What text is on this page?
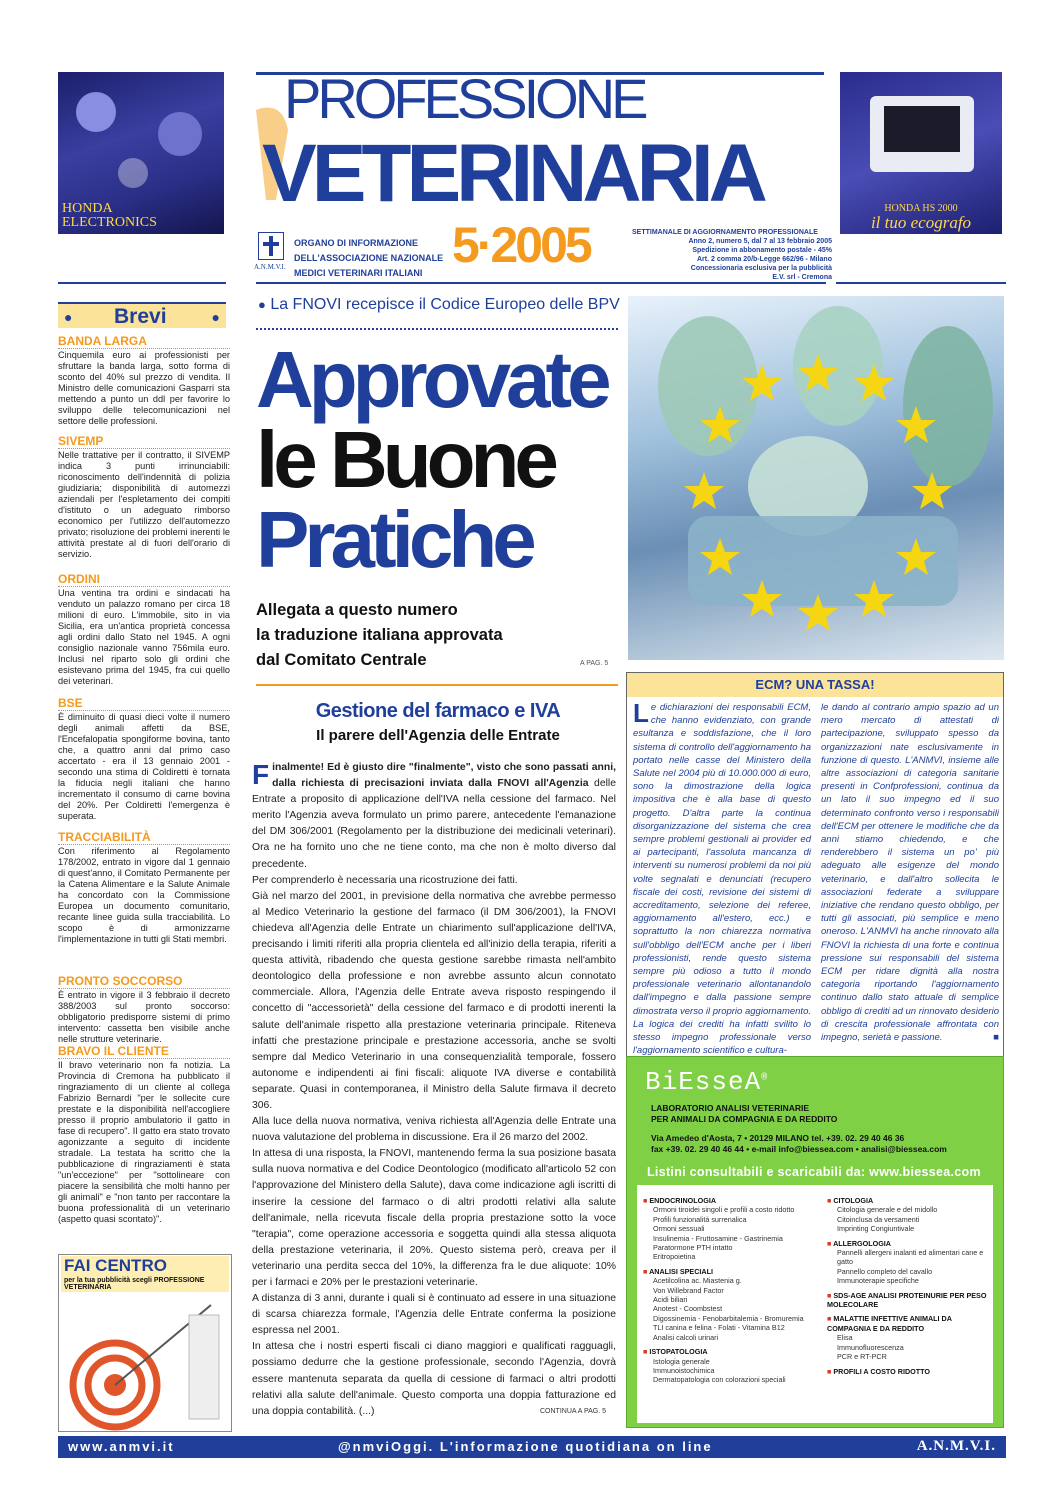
HONDA
ELECTRONICS
HONDA HS 2000
il tuo ecografo
PROFESSIONE
VETERINARIA
5·2005
A.N.M.V.I.
ORGANO DI INFORMAZIONE
DELL'ASSOCIAZIONE NAZIONALE
MEDICI VETERINARI ITALIANI
SETTIMANALE DI AGGIORNAMENTO PROFESSIONALE
Anno 2, numero 5, dal 7 al 13 febbraio 2005
Spedizione in abbonamento postale - 45%
Art. 2 comma 20/b-Legge 662/96 - Milano
Concessionaria esclusiva per la pubblicità
E.V. srl - Cremona
● Brevi	●
BANDA LARGA

Cinquemila euro ai professionisti per sfruttare la banda larga, sotto forma di sconto del 40% sul prezzo di vendita. Il Ministro delle comunicazioni Gasparri sta mettendo a punto un ddl per favorire lo sviluppo delle telecomunicazioni nel settore delle professioni.

SIVEMP

Nelle trattative per il contratto, il SIVEMP indica 3 punti irrinunciabili: riconoscimento dell'indennità di polizia giudiziaria; disponibilità di automezzi aziendali per l'espletamento dei compiti d'istituto o un adeguato rimborso economico per l'utilizzo dell'automezzo privato; risoluzione dei problemi inerenti le attività prestate al di fuori dell'orario di servizio.

ORDINI

Una ventina tra ordini e sindacati ha venduto un palazzo romano per circa 18 milioni di euro. L'immobile, sito in via Sicilia, era un'antica proprietà concessa agli ordini dallo Stato nel 1945. A ogni consiglio nazionale vanno 756mila euro. Inclusi nel riparto solo gli ordini che esistevano prima del 1945, fra cui quello dei veterinari.

BSE

È diminuito di quasi dieci volte il numero degli animali affetti da BSE, l'Encefalopatia spongiforme bovina, tanto che, a quattro anni dal primo caso accertato - era il 13 gennaio 2001 - secondo una stima di Coldiretti è tornata la fiducia negli italiani che hanno incrementato il consumo di carne bovina del 20%. Per Coldiretti l'emergenza è superata.

TRACCIABILITÀ

Con riferimento al Regolamento 178/2002, entrato in vigore dal 1 gennaio di quest'anno, il Comitato Permanente per la Catena Alimentare e la Salute Animale ha concordato con la Commissione Europea un documento comunitario, recante linee guida sulla tracciabilità. Lo scopo è di armonizzarne l'implementazione in tutti gli Stati membri.

PRONTO SOCCORSO

È entrato in vigore il 3 febbraio il decreto 388/2003 sul pronto soccorso: obbligatorio predisporre sistemi di primo intervento: cassetta ben visibile anche nelle strutture veterinarie.

BRAVO IL CLIENTE

Il bravo veterinario non fa notizia. La Provincia di Cremona ha pubblicato il ringraziamento di un cliente al collega Fabrizio Bernardi "per le sollecite cure prestate e la disponibilità nell'accogliere presso il proprio ambulatorio il gatto in fase di recupero". Il gatto era stato trovato agonizzante a seguito di incidente stradale. La testata ha scritto che la pubblicazione di ringraziamenti è stata "un'eccezione" per "sottolineare con piacere la sensibilità che molti hanno per gli animali" e "non tanto per raccontare la buona professionalità di un veterinario (aspetto quasi scontato)".

FAI CENTRO
per la tua pubblicità scegli PROFESSIONE VETERINARIA
● La FNOVI recepisce il Codice Europeo delle BPV
Approvate
le Buone
Pratiche
Allegata a questo numero
la traduzione italiana approvata
dal Comitato Centrale	A PAG. 5
Gestione del farmaco e IVA
Il parere dell'Agenzia delle Entrate

Finalmente! Ed è giusto dire "finalmente", visto che sono passati anni, dalla richiesta di precisazioni inviata dalla FNOVI all'Agenzia delle Entrate a proposito di applicazione dell'IVA nella cessione del farmaco. Nel merito l'Agenzia aveva formulato un primo parere, antecedente l'emanazione del DM 306/2001 (Regolamento per la distribuzione dei medicinali veterinari). Ora ne ha fornito uno che ne tiene conto, ma che non è molto diverso dal precedente.

Per comprenderlo è necessaria una ricostruzione dei fatti.

Già nel marzo del 2001, in previsione della normativa che avrebbe permesso al Medico Veterinario la gestione del farmaco (il DM 306/2001), la FNOVI chiedeva all'Agenzia delle Entrate un chiarimento sull'applicazione dell'IVA, precisando i limiti riferiti alla propria clientela ed all'inizio della terapia, riferiti a questa attività, ribadendo che questa gestione sarebbe rimasta nell'ambito deontologico della professione e non avrebbe assunto alcun connotato commerciale. Allora, l'Agenzia delle Entrate aveva risposto respingendo il concetto di "accessorietà" della cessione del farmaco e di prodotti inerenti la salute dell'animale rispetto alla prestazione veterinaria principale. Riteneva infatti che prestazione principale e prestazione accessoria, anche se svolti sempre dal Medico Veterinario in una consequenzialità temporale, fossero autonome e indipendenti ai fini fiscali: aliquote IVA diverse e contabilità separate. Quasi in contemporanea, il Ministro della Salute firmava il decreto 306.

Alla luce della nuova normativa, veniva richiesta all'Agenzia delle Entrate una nuova valutazione del problema in discussione. Era il 26 marzo del 2002.

In attesa di una risposta, la FNOVI, mantenendo ferma la sua posizione basata sulla nuova normativa e del Codice Deontologico (modificato all'articolo 52 con l'approvazione del Ministero della Salute), dava come indicazione agli iscritti di inserire la cessione del farmaco o di altri prodotti relativi alla salute dell'animale, nella ricevuta fiscale della propria prestazione sotto la voce "terapia", come operazione accessoria e soggetta quindi alla stessa aliquota della prestazione veterinaria, il 20%. Questo sistema però, creava per il veterinario una perdita secca del 10%, la differenza fra le due aliquote: 10% per i farmaci e 20% per le prestazioni veterinarie.

A distanza di 3 anni, durante i quali si è continuato ad essere in una situazione di scarsa chiarezza formale, l'Agenzia delle Entrate conferma la posizione espressa nel 2001.

In attesa che i nostri esperti fiscali ci diano maggiori e qualificati ragguagli, possiamo dedurre che la gestione professionale, secondo l'Agenzia, dovrà essere mantenuta separata da quella di cessione di farmaci o altri prodotti relativi alla salute dell'animale. Questo comporta una doppia fatturazione ed una doppia contabilità. (...)	CONTINUA A PAG. 5
ECM? UNA TASSA!
Le dichiarazioni dei responsabili ECM, che hanno evidenziato, con grande esultanza e soddisfazione, che il loro sistema di controllo dell'aggiornamento ha portato nelle casse del Ministero della Salute nel 2004 più di 10.000.000 di euro, sono la dimostrazione della logica impositiva che è alla base di questo progetto. D'altra parte la continua disorganizzazione del sistema che crea sempre problemi gestionali ai provider ed ai partecipanti, l'assoluta mancanza di interventi su numerosi problemi da noi più volte segnalati e denunciati (recupero fiscale dei costi, revisione dei sistemi di accreditamento, selezione dei referee, aggiornamento all'estero, ecc.) e soprattutto la non chiarezza normativa sull'obbligo dell'ECM anche per i liberi professionisti, rende questo sistema sempre più odioso a tutto il mondo professionale veterinario allontanandolo dall'impegno e dalla passione sempre dimostrata verso il proprio aggiornamento. La logica dei crediti ha infatti svilito lo stesso impegno professionale verso l'aggiornamento scientifico e cultura-
le dando al contrario ampio spazio ad un mero mercato di attestati di partecipazione, sviluppato spesso da organizzazioni nate esclusivamente in funzione di questo. L'ANMVI, insieme alle altre associazioni di categoria sanitarie presenti in Confprofessioni, continua da un lato il suo impegno ed il suo determinato confronto verso i responsabili dell'ECM per ottenere le modifiche che da anni stiamo chiedendo, e che renderebbero il sistema un po' più adeguato alle esigenze del mondo veterinario, e dall'altro sollecita le associazioni federate a sviluppare iniziative che rendano questo obbligo, per tutti gli associati, più semplice e meno oneroso. L'ANMVI ha anche rinnovato alla FNOVI la richiesta di una forte e continua pressione sui responsabili del sistema ECM per ridare dignità alla nostra categoria riportando l'aggiornamento continuo dallo stato attuale di semplice obbligo di crediti ad un rinnovato desiderio di crescita professionale affrontata con impegno, serietà e passione.	■
BiEsseA®
LABORATORIO ANALISI VETERINARIE
PER ANIMALI DA COMPAGNIA E DA REDDITO
Via Amedeo d'Aosta, 7 • 20129 MILANO tel. +39. 02. 29 40 46 36
fax +39. 02. 29 40 46 44 • e-mail info@biessea.com • analisi@biessea.com
Listini consultabili e scaricabili da: www.biessea.com
■ ENDOCRINOLOGIA
Ormoni tiroidei singoli e profili a costo ridotto
Profili funzionalità surrenalica
Ormoni sessuali
Insulinemia - Fruttosamine - Gastrinemia
Paratormone PTH intatto
Eritropoietina
■ ANALISI SPECIALI
Acetilcolina ac. Miastenia g.
Von Willebrand Factor
Acidi biliari
Anotest - Coombstest
Digossinemia - Fenobarbitalemia - Bromuremia
TLI canina e felina - Folati - Vitamina B12
Analisi calcoli urinari
■ ISTOPATOLOGIA
Istologia generale
Immunoistochimica
Dermatopatologia con colorazioni speciali
■ CITOLOGIA
Citologia generale e del midollo
Citoinclusa da versamenti
Imprinting Congiuntivale
■ ALLERGOLOGIA
Pannelli allergeni inalanti ed alimentari cane e gatto
Pannello completo del cavallo
Immunoterapie specifiche
■ SDS-AGE ANALISI PROTEINURIE PER PESO MOLECOLARE
■ MALATTIE INFETTIVE ANIMALI DA COMPAGNIA E DA REDDITO
Elisa
Immunofluorescenza
PCR e RT-PCR
■ PROFILI A COSTO RIDOTTO
www.anmvi.it	@nmviOggi. L'informazione quotidiana on line	A.N.M.V.I.
